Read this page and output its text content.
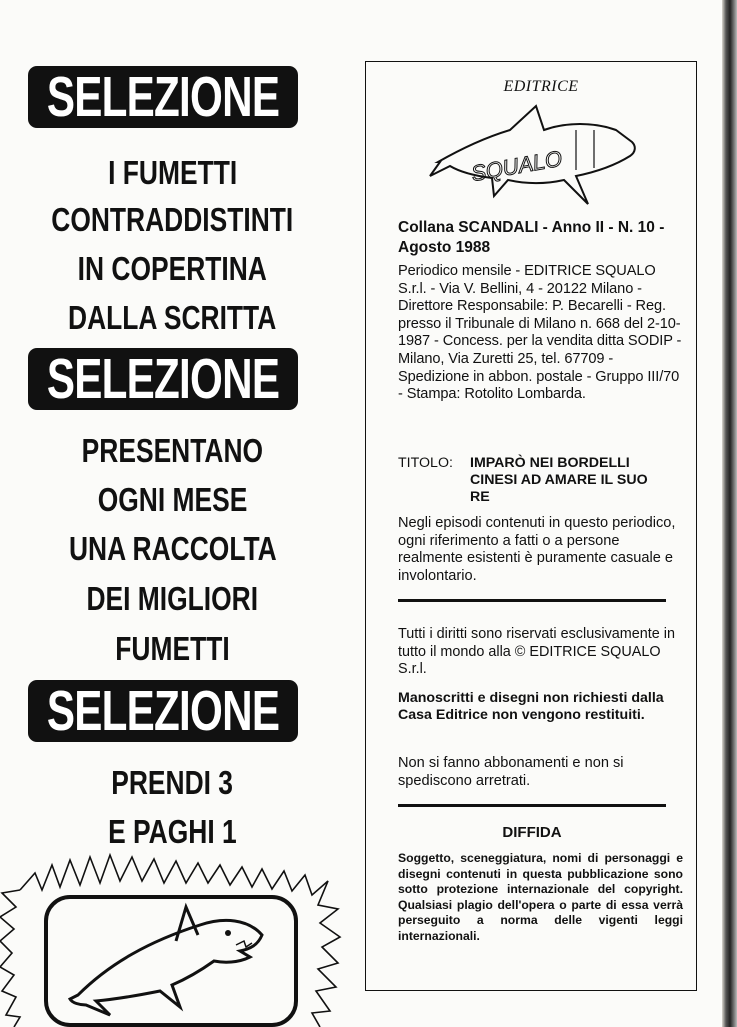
SELEZIONE
I FUMETTI
CONTRADDISTINTI
IN COPERTINA
DALLA SCRITTA
SELEZIONE
PRESENTANO
OGNI MESE
UNA RACCOLTA
DEI MIGLIORI
FUMETTI
SELEZIONE
PRENDI 3
E PAGHI 1
EDITRICE
SQUALO
Collana SCANDALI - Anno II - N. 10 - Agosto 1988
Periodico mensile - EDITRICE SQUALO S.r.l. - Via V. Bellini, 4 - 20122 Milano - Direttore Responsabile: P. Becarelli - Reg. presso il Tribunale di Milano n. 668 del 2-10-1987 - Concess. per la vendita ditta SODIP - Milano, Via Zuretti 25, tel. 67709 - Spedizione in abbon. postale - Gruppo III/70 - Stampa: Rotolito Lombarda.
TITOLO: IMPARÒ NEI BORDELLI CINESI AD AMARE IL SUO RE
Negli episodi contenuti in questo periodico, ogni riferimento a fatti o a persone realmente esistenti è puramente casuale e involontario.
Tutti i diritti sono riservati esclusivamente in tutto il mondo alla © EDITRICE SQUALO S.r.l.
Manoscritti e disegni non richiesti dalla Casa Editrice non vengono restituiti.
Non si fanno abbonamenti e non si spediscono arretrati.
DIFFIDA
Soggetto, sceneggiatura, nomi di personaggi e disegni contenuti in questa pubblicazione sono sotto protezione internazionale del copyright. Qualsiasi plagio dell'opera o parte di essa verrà perseguito a norma delle vigenti leggi internazionali.
